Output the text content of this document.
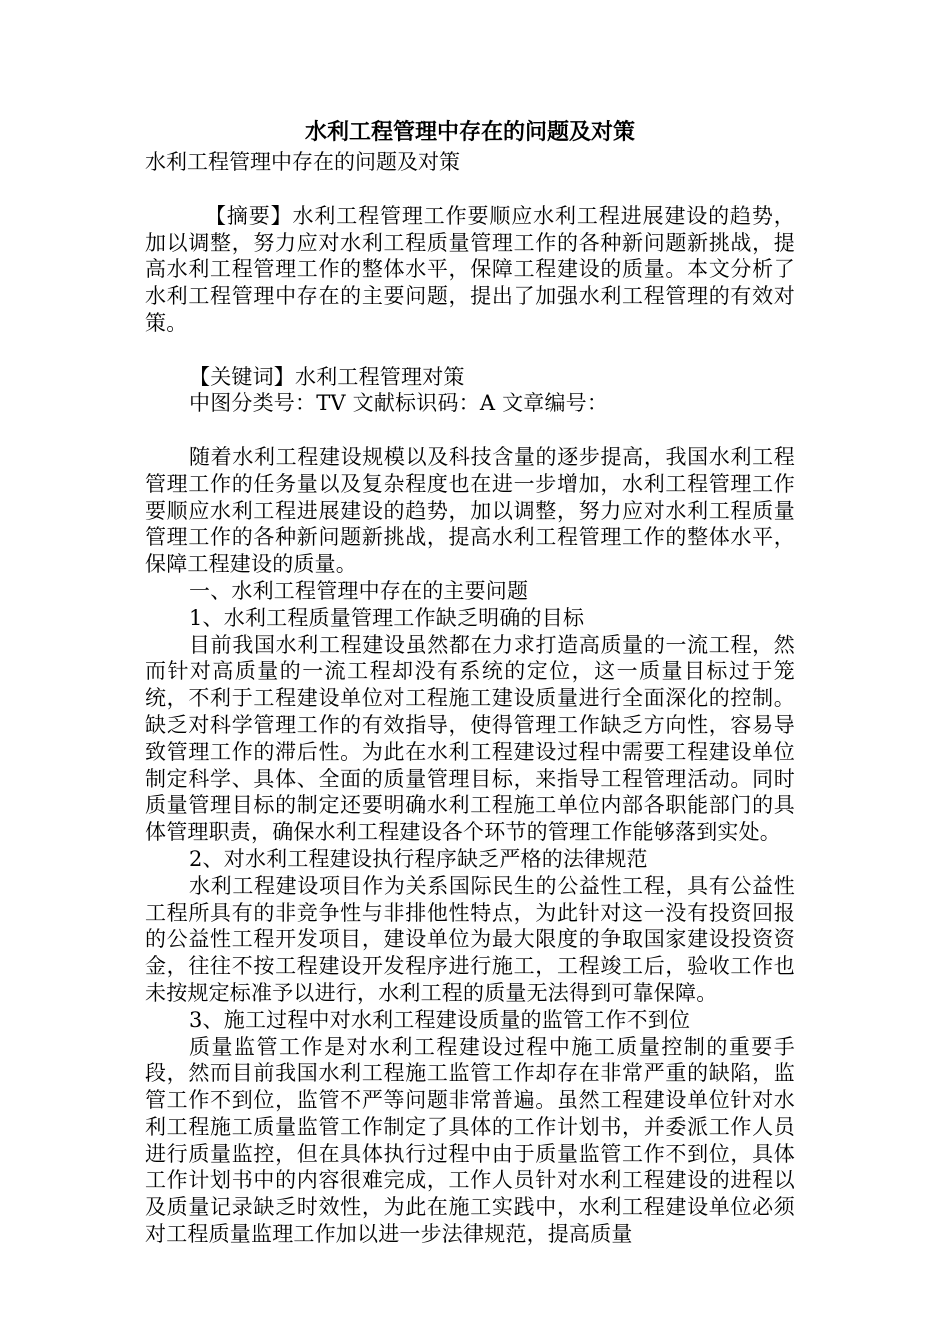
水利工程管理中存在的问题及对策
水利工程管理中存在的问题及对策

【摘要】水利工程管理工作要顺应水利工程进展建设的趋势，加以调整，努力应对水利工程质量管理工作的各种新问题新挑战，提高水利工程管理工作的整体水平，保障工程建设的质量。本文分析了水利工程管理中存在的主要问题，提出了加强水利工程管理的有效对策。

【关键词】水利工程管理对策

中图分类号：TV 文献标识码：A 文章编号：

随着水利工程建设规模以及科技含量的逐步提高，我国水利工程管理工作的任务量以及复杂程度也在进一步增加，水利工程管理工作要顺应水利工程进展建设的趋势，加以调整，努力应对水利工程质量管理工作的各种新问题新挑战，提高水利工程管理工作的整体水平，保障工程建设的质量。

一、水利工程管理中存在的主要问题

1、水利工程质量管理工作缺乏明确的目标

目前我国水利工程建设虽然都在力求打造高质量的一流工程，然而针对高质量的一流工程却没有系统的定位，这一质量目标过于笼统，不利于工程建设单位对工程施工建设质量进行全面深化的控制。缺乏对科学管理工作的有效指导，使得管理工作缺乏方向性，容易导致管理工作的滞后性。为此在水利工程建设过程中需要工程建设单位制定科学、具体、全面的质量管理目标，来指导工程管理活动。同时质量管理目标的制定还要明确水利工程施工单位内部各职能部门的具体管理职责，确保水利工程建设各个环节的管理工作能够落到实处。

2、对水利工程建设执行程序缺乏严格的法律规范

水利工程建设项目作为关系国际民生的公益性工程，具有公益性工程所具有的非竞争性与非排他性特点，为此针对这一没有投资回报的公益性工程开发项目，建设单位为最大限度的争取国家建设投资资金，往往不按工程建设开发程序进行施工，工程竣工后，验收工作也未按规定标准予以进行，水利工程的质量无法得到可靠保障。

3、施工过程中对水利工程建设质量的监管工作不到位

质量监管工作是对水利工程建设过程中施工质量控制的重要手段，然而目前我国水利工程施工监管工作却存在非常严重的缺陷，监管工作不到位，监管不严等问题非常普遍。虽然工程建设单位针对水利工程施工质量监管工作制定了具体的工作计划书，并委派工作人员进行质量监控，但在具体执行过程中由于质量监管工作不到位，具体工作计划书中的内容很难完成，工作人员针对水利工程建设的进程以及质量记录缺乏时效性，为此在施工实践中，水利工程建设单位必须对工程质量监理工作加以进一步法律规范，提高质量
